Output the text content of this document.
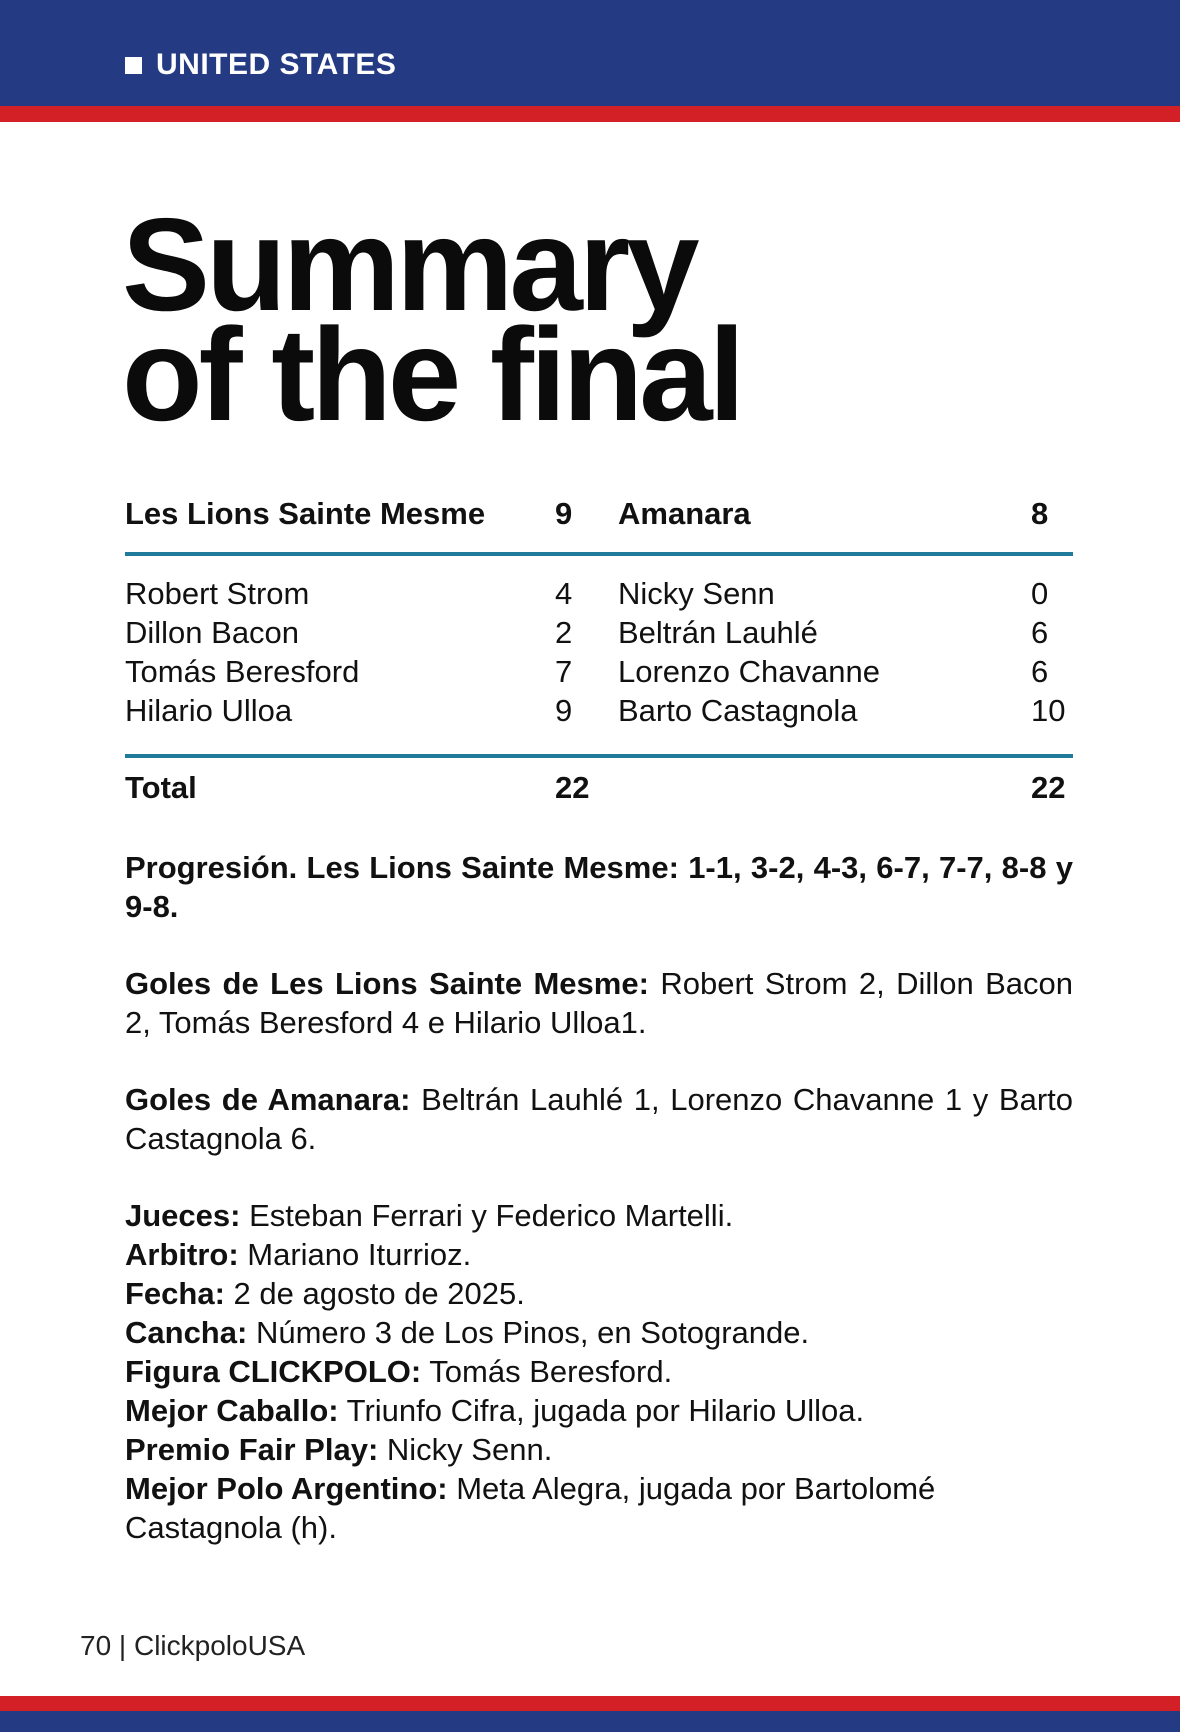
UNITED STATES
Summary
of the final
Les Lions Sainte Mesme 9 Amanara	8
Robert Strom	4 Nicky Senn	0
Dillon Bacon	2 Beltrán Lauhlé	6
Tomás Beresford	7 Lorenzo Chavanne	6
Hilario Ulloa	9 Barto Castagnola	10
Total	22	22

Progresión. Les Lions Sainte Mesme: 1-1, 3-2, 4-3, 6-7, 7-7, 8-8 y 9-8.

Goles de Les Lions Sainte Mesme: Robert Strom 2, Dillon Bacon 2, Tomás Beresford 4 e Hilario Ulloa1.

Goles de Amanara: Beltrán Lauhlé 1, Lorenzo Chavanne 1 y Barto Castagnola 6.

Jueces: Esteban Ferrari y Federico Martelli.

Arbitro: Mariano Iturrioz.

Fecha: 2 de agosto de 2025.

Cancha: Número 3 de Los Pinos, en Sotogrande.

Figura CLICKPOLO: Tomás Beresford.

Mejor Caballo: Triunfo Cifra, jugada por Hilario Ulloa.

Premio Fair Play: Nicky Senn.

Mejor Polo Argentino: Meta Alegra, jugada por Bartolomé Castagnola (h).

70 | ClickpoloUSA
